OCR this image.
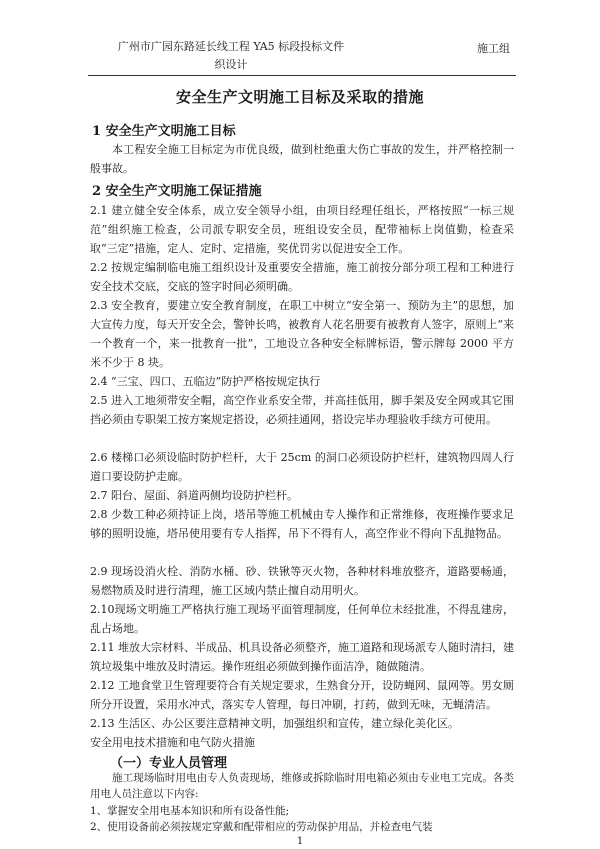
广州市广园东路延长线工程 YA5 标段投标文件
织设计
施工组
安全生产文明施工目标及采取的措施
1 安全生产文明施工目标

本工程安全施工目标定为市优良级，做到杜绝重大伤亡事故的发生，并严格控制一般事故。

2 安全生产文明施工保证措施

2.1 建立健全安全体系，成立安全领导小组，由项目经理任组长，严格按照“一标三规范”组织施工检查，公司派专职安全员，班组设安全员，配带袖标上岗值勤，检查采取“三定”措施，定人、定时、定措施，奖优罚劣以促进安全工作。

2.2 按规定编制临电施工组织设计及重要安全措施，施工前按分部分项工程和工种进行安全技术交底，交底的签字时间必须明确。

2.3 安全教育，要建立安全教育制度，在职工中树立“安全第一、预防为主”的思想，加大宣传力度，每天开安全会，警钟长鸣，被教育人花名册要有被教育人签字，原则上“来一个教育一个，来一批教育一批”，工地设立各种安全标牌标语，警示牌每 2000 平方米不少于 8 块。

2.4 “三宝、四口、五临边”防护严格按规定执行

2.5 进入工地须带安全帽，高空作业系安全带，并高挂低用，脚手架及安全网或其它围挡必须由专职架工按方案规定搭设，必须挂通网，搭设完毕办理验收手续方可使用。

2.6 楼梯口必须设临时防护栏杆，大于 25cm 的洞口必须设防护栏杆，建筑物四周人行道口要设防护走廊。

2.7 阳台、屋面、斜道两侧均设防护栏杆。

2.8 少数工种必须持证上岗，塔吊等施工机械由专人操作和正常维修，夜班操作要求足够的照明设施，塔吊使用要有专人指挥，吊下不得有人，高空作业不得向下乱抛物品。

2.9 现场设消火栓、消防水桶、砂、铁锹等灭火物，各种材料堆放整齐，道路要畅通，易燃物质及时进行清理，施工区域内禁止擅自动用明火。

2.10现场文明施工严格执行施工现场平面管理制度，任何单位未经批准，不得乱建房，乱占场地。

2.11 堆放大宗材料、半成品、机具设备必须整齐，施工道路和现场派专人随时清扫，建筑垃圾集中堆放及时清运。操作班组必须做到操作面洁净，随做随清。

2.12 工地食堂卫生管理要符合有关规定要求，生熟食分开，设防蝇网、鼠网等。男女厕所分开设置，采用水冲式，落实专人管理，每日冲刷，打药，做到无味，无蝇清洁。

2.13 生活区、办公区要注意精神文明，加强组织和宣传，建立绿化美化区。

安全用电技术措施和电气防火措施

（一）专业人员管理
1

施工现场临时用电由专人负责现场，维修或拆除临时用电箱必须由专业电工完成。各类用电人员注意以下内容:

1、掌握安全用电基本知识和所有设备性能;

2、使用设备前必须按规定穿戴和配带相应的劳动保护用品，并检查电气装
